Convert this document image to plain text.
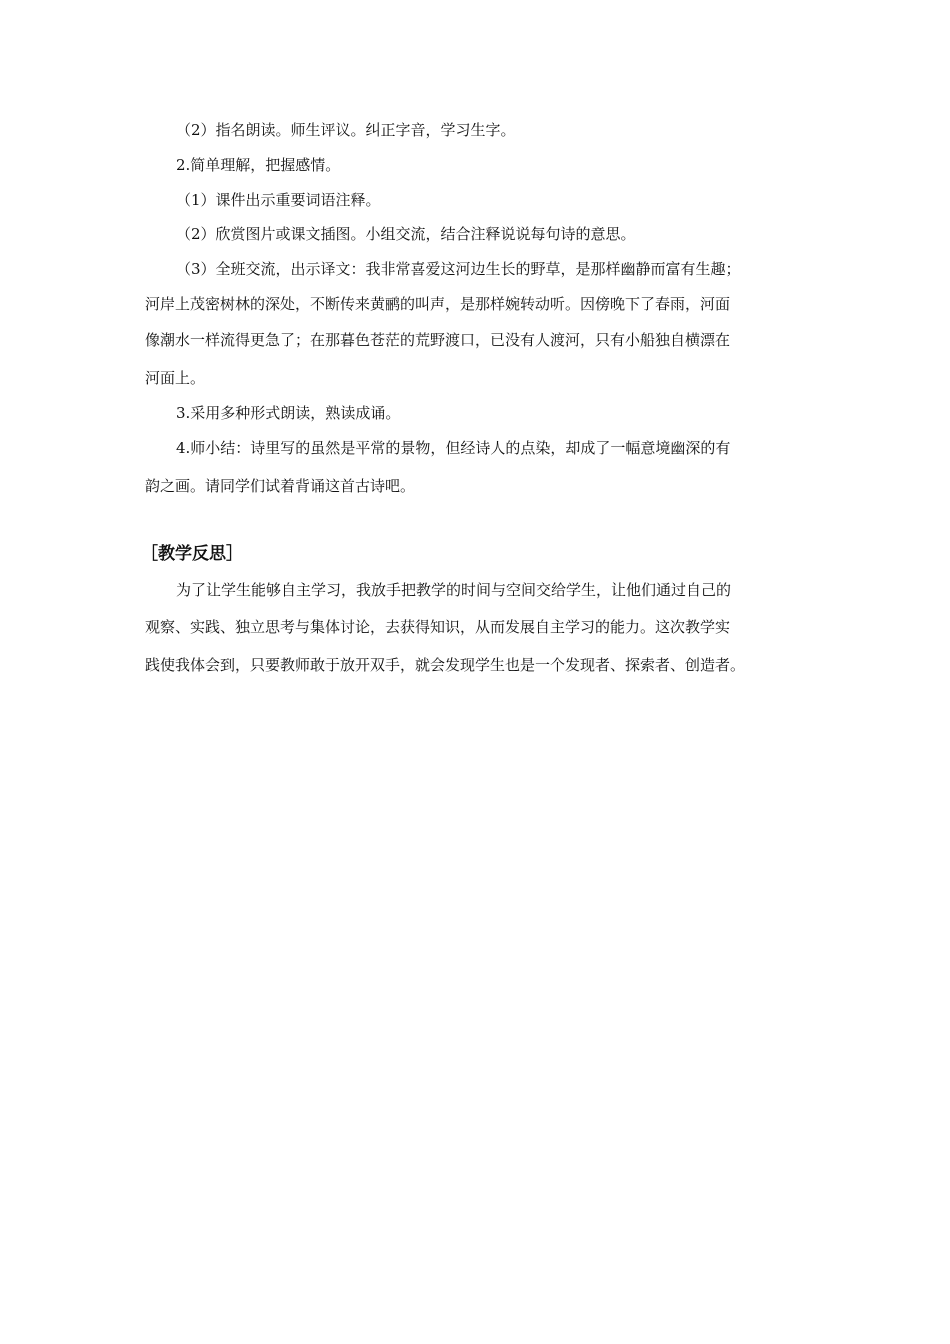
（2）指名朗读。师生评议。纠正字音，学习生字。
2.简单理解，把握感情。
（1）课件出示重要词语注释。
（2）欣赏图片或课文插图。小组交流，结合注释说说每句诗的意思。
（3）全班交流，出示译文：我非常喜爱这河边生长的野草，是那样幽静而富有生趣；
河岸上茂密树林的深处，不断传来黄鹂的叫声，是那样婉转动听。因傍晚下了春雨，河面
像潮水一样流得更急了；在那暮色苍茫的荒野渡口，已没有人渡河，只有小船独自横漂在
河面上。
3.采用多种形式朗读，熟读成诵。
4.师小结：诗里写的虽然是平常的景物，但经诗人的点染，却成了一幅意境幽深的有
韵之画。请同学们试着背诵这首古诗吧。
［教学反思］
为了让学生能够自主学习，我放手把教学的时间与空间交给学生，让他们通过自己的
观察、实践、独立思考与集体讨论，去获得知识，从而发展自主学习的能力。这次教学实
践使我体会到，只要教师敢于放开双手，就会发现学生也是一个发现者、探索者、创造者。
